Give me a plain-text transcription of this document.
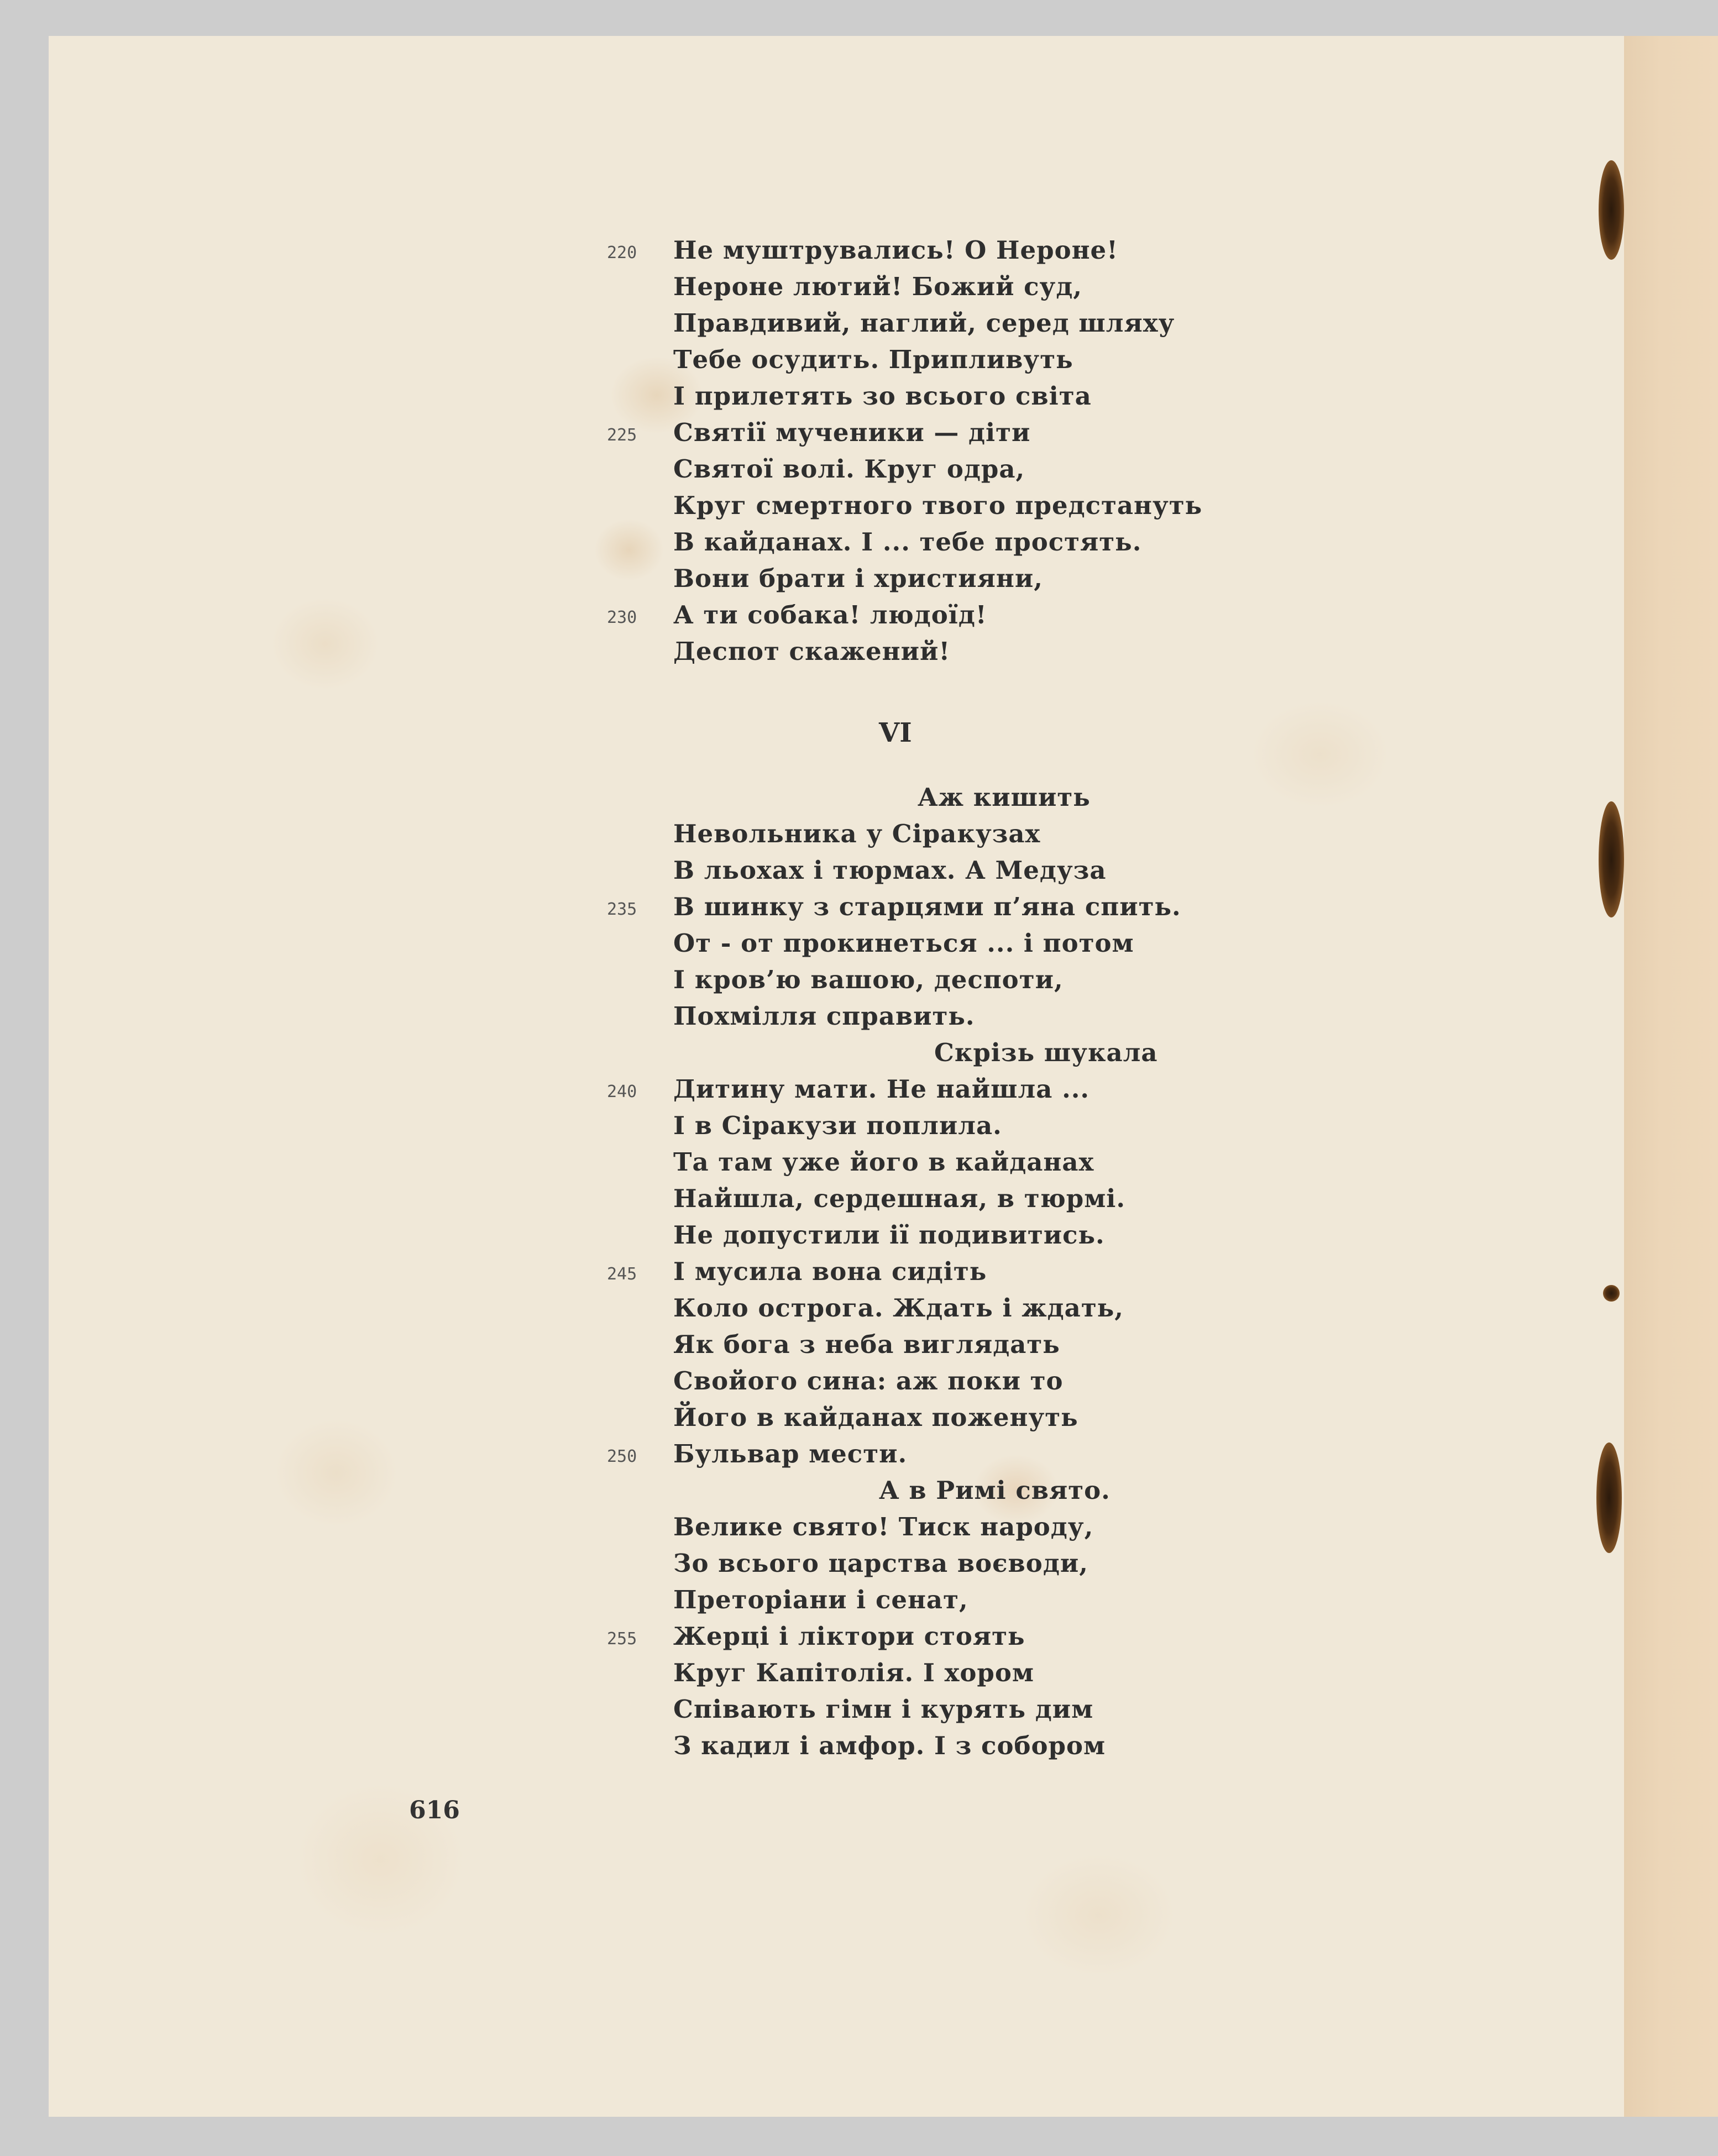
220
225
230
235
240
245
250
255
Не муштрувались! О Нероне!
Нероне лютий! Божий суд,
Правдивий, наглий, серед шляху
Тебе осудить. Припливуть
І прилетять зо всього світа
Святії мученики — діти
Святої волі. Круг одра,
Круг смертного твого предстануть
В кайданах. І ... тебе простять.
Вони брати і християни,
А ти собака! людоїд!
Деспот скажений!
VI
Аж кишить
Невольника у Сіракузах
В льохах і тюрмах. А Медуза
В шинку з старцями п’яна спить.
От - от прокинеться ... і потом
І кров’ю вашою, деспоти,
Похмілля справить.
Скрізь шукала
Дитину мати. Не найшла ...
І в Сіракузи поплила.
Та там уже його в кайданах
Найшла, сердешная, в тюрмі.
Не допустили ії подивитись.
І мусила вона сидіть
Коло острога. Ждать і ждать,
Як бога з неба виглядать
Свойого сина: аж поки то
Його в кайданах поженуть
Бульвар мести.
А в Римі свято.
Велике свято! Тиск народу,
Зо всього царства воєводи,
Преторіани і сенат,
Жерці і ліктори стоять
Круг Капітолія. І хором
Співають гімн і курять дим
З кадил і амфор. І з собором
616
